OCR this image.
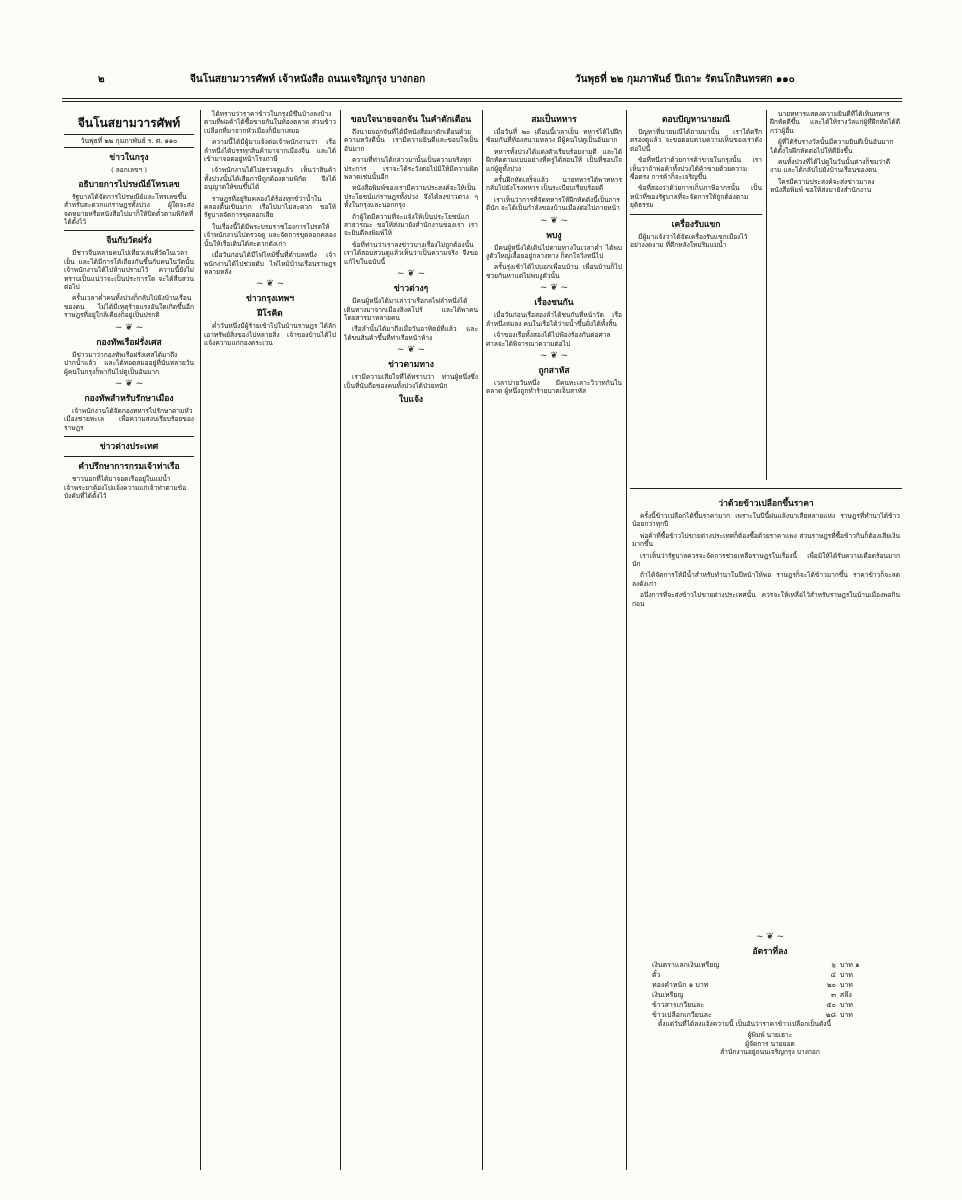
๒	จีนโนสยามวารศัพท์ เจ้าหนังสือ ถนนเจริญกรุง บางกอก	วันพุธที่ ๒๒ กุมภาพันธ์ ปีเถาะ รัตนโกสินทรศก ๑๑๐
จีนโนสยามวารศัพท์
วันพุธที่ ๒๒ กุมภาพันธ์ ร. ศ. ๑๑๐
ข่าวในกรุง
( ลอกเลขฯ )
อธิบายการไปรษณีย์โทรเลข

รัฐบาลได้จัดการไปรษณีย์และโทรเลขขึ้นสำหรับสะดวกแก่ราษฎรทั้งปวง ผู้ใดจะส่งจดหมายหรือหนังสือไปมาก็ให้ปิดตั๋วตามพิกัดที่ได้ตั้งไว้

จีนกับวัดฝรั่ง

มีชาวจีนหลายคนไปเที่ยวเล่นที่วัดในเวลาเย็น และได้มีการโต้เถียงกันขึ้นกับคนในวัดนั้น เจ้าพนักงานได้ไปห้ามปรามไว้ ความนี้ยังไม่ทราบเป็นแน่ว่าจะเป็นประการใด จะได้สืบสวนต่อไป

ครั้นเวลาค่ำคนทั้งปวงก็กลับไปยังบ้านเรือนของตน ไม่ได้มีเหตุร้ายแรงอันใดเกิดขึ้นอีก ราษฎรที่อยู่ใกล้เคียงก็อยู่เป็นปรกติ

~ ❦ ~
กองทัพเรือฝรั่งเศส

มีข่าวมาว่ากองทัพเรือฝรั่งเศสได้มาถึงปากน้ำแล้ว และได้ทอดสมออยู่ที่นั่นหลายวัน ผู้คนในกรุงก็พากันไปดูเป็นอันมาก

~ ❦ ~
กองทัพสำหรับรักษาเมือง

เจ้าพนักงานได้จัดกองทหารไปรักษาตามหัวเมืองชายทะเล เพื่อความสงบเรียบร้อยของราษฎร

ข่าวต่างประเทศ
คำปรึกษาการกรมเจ้าท่าเรือ

ชาวนอกที่ได้มาจอดเรืออยู่ในแม่น้ำเจ้าพระยาต้องไปแจ้งความแก่เจ้าท่าตามข้อบังคับที่ได้ตั้งไว้

ได้ทราบว่าราคาข้าวในกรุงมีขึ้นบ้างลงบ้าง ตามที่พ่อค้าได้ซื้อขายกันในท้องตลาด ส่วนข้าวเปลือกที่มาจากหัวเมืองก็มีมาเสมอ

ความนี้ได้มีผู้มาแจ้งต่อเจ้าพนักงานว่า เรือลำหนึ่งได้บรรทุกสินค้ามาจากเมืองจีน และได้เข้ามาจอดอยู่หน้าโรงภาษี

เจ้าพนักงานได้ไปตรวจดูแล้ว เห็นว่าสินค้าทั้งปวงนั้นได้เสียภาษีถูกต้องตามพิกัด จึงได้อนุญาตให้ขนขึ้นได้

ราษฎรที่อยู่ริมคลองได้ร้องทุกข์ว่าน้ำในคลองตื้นเขินมาก เรือไปมาไม่สะดวก ขอให้รัฐบาลจัดการขุดลอกเสีย

ในเรื่องนี้ได้มีพระบรมราชโองการโปรดให้เจ้าพนักงานไปตรวจดู และจัดการขุดลอกคลองนั้นให้เรือเดินได้สะดวกดังเก่า

เมื่อวันก่อนได้มีไฟไหม้ขึ้นที่ตำบลหนึ่ง เจ้าพนักงานได้ไปช่วยดับ ไฟไหม้บ้านเรือนราษฎรหลายหลัง

~ ❦ ~
ข่าวกรุงเทพฯ
ฝีโรคิด

ค่ำวันหนึ่งมีผู้ร้ายเข้าไปในบ้านราษฎร ได้ลักเอาทรัพย์สิ่งของไปหลายสิ่ง เจ้าของบ้านได้ไปแจ้งความแก่กองตระเวน

ขอบใจนายจอกจัน ในคำตักเตือน

ถึงนายจอกจันที่ได้มีหนังสือมาตักเตือนด้วยความหวังดีนั้น เรามีความยินดีและขอบใจเป็นอันมาก

ความที่ท่านได้กล่าวมานั้นเป็นความจริงทุกประการ เราจะได้ระวังต่อไปมิให้มีความผิดพลาดเช่นนั้นอีก

หนังสือพิมพ์ของเรามีความประสงค์จะให้เป็นประโยชน์แก่ราษฎรทั้งปวง จึงได้ลงข่าวต่าง ๆ ทั้งในกรุงและนอกกรุง

ถ้าผู้ใดมีความที่จะแจ้งให้เป็นประโยชน์แก่สาธารณะ ขอให้ส่งมายังสำนักงานของเรา เราจะยินดีลงพิมพ์ให้

ข้อที่ท่านว่าเราลงข่าวบางเรื่องไม่ถูกต้องนั้น เราได้สอบสวนดูแล้วเห็นว่าเป็นความจริง จึงขอแก้ไขในฉบับนี้

~ ❦ ~
ข่าวต่างๆ

มีคนผู้หนึ่งได้มาเล่าว่าเรือกลไฟลำหนึ่งได้เดินทางมาจากเมืองสิงคโปร์ และได้พาคนโดยสารมาหลายคน

เรือลำนั้นได้มาถึงเมื่อวันอาทิตย์ที่แล้ว และได้ขนสินค้าขึ้นที่ท่าเรือหน้าห้าง

~ ❦ ~
ข่าวตามทาง

เรามีความเสียใจที่ได้ทราบว่า ท่านผู้หนึ่งซึ่งเป็นที่นับถือของคนทั้งปวงได้ป่วยหนัก

ใบแจ้ง
สมเป็นทหาร

เมื่อวันที่ ๒๐ เดือนนี้เวลาเย็น ทหารได้ไปฝึกซ้อมกันที่ท้องสนามหลวง มีผู้คนไปดูเป็นอันมาก

ทหารทั้งปวงได้แต่งตัวเรียบร้อยงามดี และได้ฝึกหัดตามแบบอย่างที่ครูได้สอนให้ เป็นที่ชอบใจแก่ผู้ดูทั้งปวง

ครั้นฝึกหัดเสร็จแล้ว นายทหารได้พาทหารกลับไปยังโรงทหาร เป็นระเบียบเรียบร้อยดี

เราเห็นว่าการที่จัดทหารให้ฝึกหัดดังนี้เป็นการดีนัก จะได้เป็นกำลังของบ้านเมืองต่อไปภายหน้า

~ ❦ ~
พบงู

มีคนผู้หนึ่งได้เดินไปตามทางในเวลาค่ำ ได้พบงูตัวใหญ่เลื้อยอยู่กลางทาง ก็ตกใจวิ่งหนีไป

ครั้นรุ่งเช้าได้ไปบอกเพื่อนบ้าน เพื่อนบ้านก็ไปช่วยกันหาแต่ไม่พบงูตัวนั้น

~ ❦ ~
เรื่องชนกัน

เมื่อวันก่อนเรือสองลำได้ชนกันที่หน้าวัด เรือลำหนึ่งล่มลง คนในเรือได้ว่ายน้ำขึ้นฝั่งได้ทั้งสิ้น

เจ้าของเรือทั้งสองได้ไปฟ้องร้องกันต่อศาล ศาลจะได้พิจารณาความต่อไป

~ ❦ ~
ถูกสาหัส

เวลาบ่ายวันหนึ่ง มีคนทะเลาะวิวาทกันในตลาด ผู้หนึ่งถูกทำร้ายบาดเจ็บสาหัส

ตอบปัญหานายมณี

ปัญหาที่นายมณีได้ถามมานั้น เราได้ตรึกตรองดูแล้ว จะขอตอบตามความเห็นของเราดังต่อไปนี้

ข้อที่หนึ่งว่าด้วยการค้าขายในกรุงนั้น เราเห็นว่าถ้าพ่อค้าทั้งปวงได้ค้าขายด้วยความซื่อตรง การค้าก็จะเจริญขึ้น

ข้อที่สองว่าด้วยการเก็บภาษีอากรนั้น เป็นหน้าที่ของรัฐบาลที่จะจัดการให้ถูกต้องตามยุติธรรม

เครื่องรับแขก

มีผู้มาแจ้งว่าได้จัดเครื่องรับแขกเมืองไว้อย่างงดงาม ที่ตึกหลังใหม่ริมแม่น้ำ

นายทหารแสดงความยินดีที่ได้เห็นทหารฝึกหัดดีขึ้น และได้ให้รางวัลแก่ผู้ที่ฝึกหัดได้ดีกว่าผู้อื่น

ผู้ที่ได้รับรางวัลนั้นมีความยินดีเป็นอันมาก ได้ตั้งใจฝึกหัดต่อไปให้ดียิ่งขึ้น

คนทั้งปวงที่ได้ไปดูในวันนั้นต่างก็ชมว่าดีงาม และได้กลับไปยังบ้านเรือนของตน

ใครมีความประสงค์จะส่งข่าวมาลงหนังสือพิมพ์ ขอให้ส่งมายังสำนักงาน

ว่าด้วยข้าวเปลือกขึ้นราคา

ครั้งนี้ข้าวเปลือกได้ขึ้นราคามาก เพราะในปีนี้ฝนแล้งนาเสียหลายแห่ง ราษฎรที่ทำนาได้ข้าวน้อยกว่าทุกปี

พ่อค้าที่ซื้อข้าวไปขายต่างประเทศก็ต้องซื้อด้วยราคาแพง ส่วนราษฎรที่ซื้อข้าวกินก็ต้องเสียเงินมากขึ้น

เราเห็นว่ารัฐบาลควรจะจัดการช่วยเหลือราษฎรในเรื่องนี้ เพื่อมิให้ได้รับความเดือดร้อนมากนัก

ถ้าได้จัดการให้มีน้ำสำหรับทำนาในปีหน้าให้พอ ราษฎรก็จะได้ข้าวมากขึ้น ราคาข้าวก็จะลดลงดังเก่า

อนึ่งการที่จะส่งข้าวไปขายต่างประเทศนั้น ควรจะให้เหลือไว้สำหรับราษฎรในบ้านเมืองพอกินก่อน

~ ❦ ~
อัตราที่ลง
เงินตราแลกเงินเหรียญ	๖	บาท ๑
ตั๋ว	๔	บาท
ทองคำหนัก ๑ บาท	๒๐	บาท
เงินเหรียญ	๓	สลึง
ข้าวสารเกวียนละ	๕๐	บาท
ข้าวเปลือกเกวียนละ	๒๘	บาท

ตั้งแต่วันที่ได้ลงแจ้งความนี้ เป็นอันว่าราคาข้าวเปลือกเป็นดังนี้

ผู้พิมพ์ นายเฮาะ
ผู้จัดการ นายยอด
สำนักงานอยู่ถนนเจริญกรุง บางกอก
